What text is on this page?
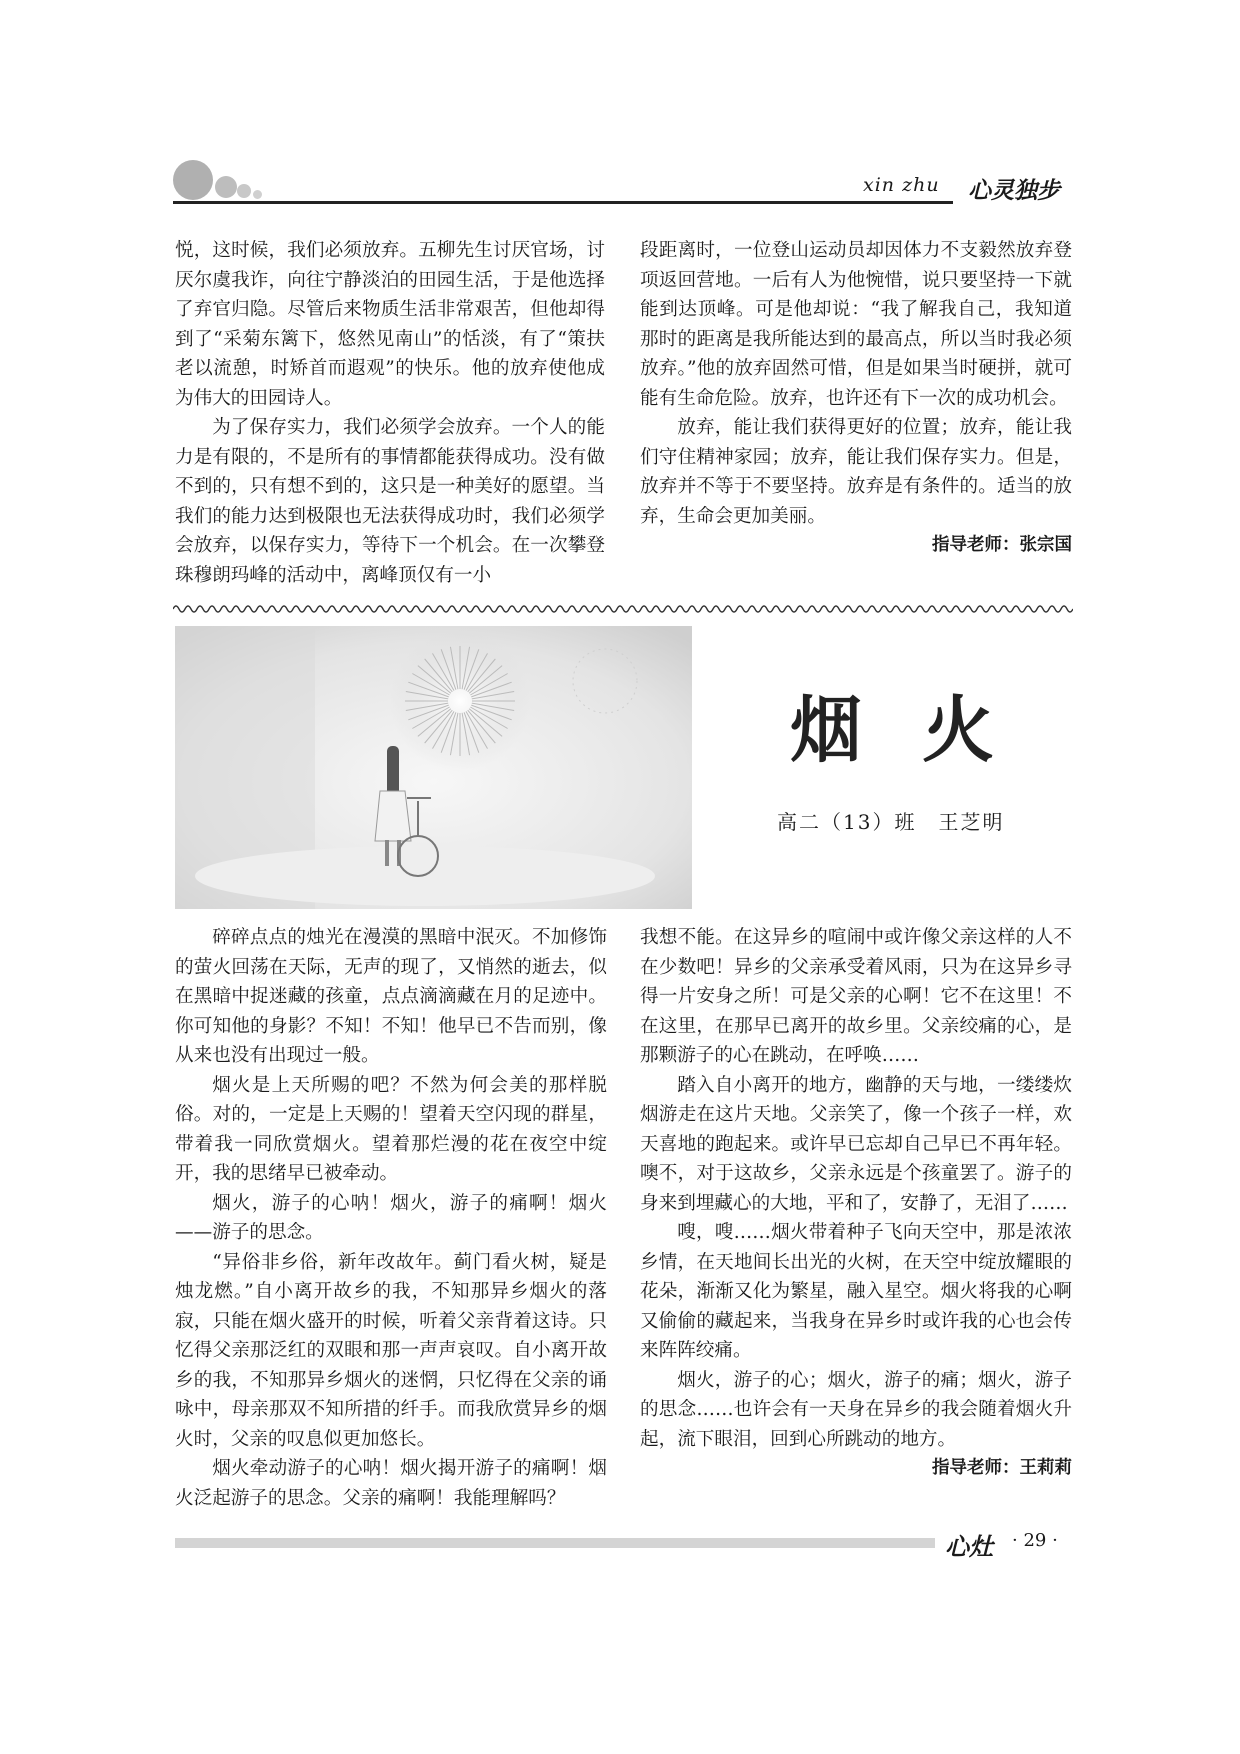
xin zhu 心灵独步

悦，这时候，我们必须放弃。五柳先生讨厌官场，讨厌尔虞我诈，向往宁静淡泊的田园生活，于是他选择了弃官归隐。尽管后来物质生活非常艰苦，但他却得到了“采菊东篱下，悠然见南山”的恬淡，有了“策扶老以流憩，时矫首而遐观”的快乐。他的放弃使他成为伟大的田园诗人。

为了保存实力，我们必须学会放弃。一个人的能力是有限的，不是所有的事情都能获得成功。没有做不到的，只有想不到的，这只是一种美好的愿望。当我们的能力达到极限也无法获得成功时，我们必须学会放弃，以保存实力，等待下一个机会。在一次攀登珠穆朗玛峰的活动中，离峰顶仅有一小

段距离时，一位登山运动员却因体力不支毅然放弃登项返回营地。一后有人为他惋惜，说只要坚持一下就能到达顶峰。可是他却说：“我了解我自己，我知道那时的距离是我所能达到的最高点，所以当时我必须放弃。”他的放弃固然可惜，但是如果当时硬拼，就可能有生命危险。放弃，也许还有下一次的成功机会。

放弃，能让我们获得更好的位置；放弃，能让我们守住精神家园；放弃，能让我们保存实力。但是，放弃并不等于不要坚持。放弃是有条件的。适当的放弃，生命会更加美丽。

指导老师：张宗国
烟火
高二（13）班　王芝明

碎碎点点的烛光在漫漠的黑暗中泯灭。不加修饰的萤火回荡在天际，无声的现了，又悄然的逝去，似在黑暗中捉迷藏的孩童，点点滴滴藏在月的足迹中。你可知他的身影？不知！不知！他早已不告而别，像从来也没有出现过一般。

烟火是上天所赐的吧？不然为何会美的那样脱俗。对的，一定是上天赐的！望着天空闪现的群星，带着我一同欣赏烟火。望着那烂漫的花在夜空中绽开，我的思绪早已被牵动。

烟火，游子的心呐！烟火，游子的痛啊！烟火——游子的思念。

“异俗非乡俗，新年改故年。蓟门看火树，疑是烛龙燃。”自小离开故乡的我，不知那异乡烟火的落寂，只能在烟火盛开的时候，听着父亲背着这诗。只忆得父亲那泛红的双眼和那一声声哀叹。自小离开故乡的我，不知那异乡烟火的迷惘，只忆得在父亲的诵咏中，母亲那双不知所措的纤手。而我欣赏异乡的烟火时，父亲的叹息似更加悠长。

烟火牵动游子的心呐！烟火揭开游子的痛啊！烟火泛起游子的思念。父亲的痛啊！我能理解吗？

我想不能。在这异乡的喧闹中或许像父亲这样的人不在少数吧！异乡的父亲承受着风雨，只为在这异乡寻得一片安身之所！可是父亲的心啊！它不在这里！不在这里，在那早已离开的故乡里。父亲绞痛的心，是那颗游子的心在跳动，在呼唤……

踏入自小离开的地方，幽静的天与地，一缕缕炊烟游走在这片天地。父亲笑了，像一个孩子一样，欢天喜地的跑起来。或许早已忘却自己早已不再年轻。噢不，对于这故乡，父亲永远是个孩童罢了。游子的身来到埋藏心的大地，平和了，安静了，无泪了……

嗖，嗖……烟火带着种子飞向天空中，那是浓浓乡情，在天地间长出光的火树，在天空中绽放耀眼的花朵，渐渐又化为繁星，融入星空。烟火将我的心啊又偷偷的藏起来，当我身在异乡时或许我的心也会传来阵阵绞痛。

烟火，游子的心；烟火，游子的痛；烟火，游子的思念……也许会有一天身在异乡的我会随着烟火升起，流下眼泪，回到心所跳动的地方。

指导老师：王莉莉
心灶 · 29 ·
